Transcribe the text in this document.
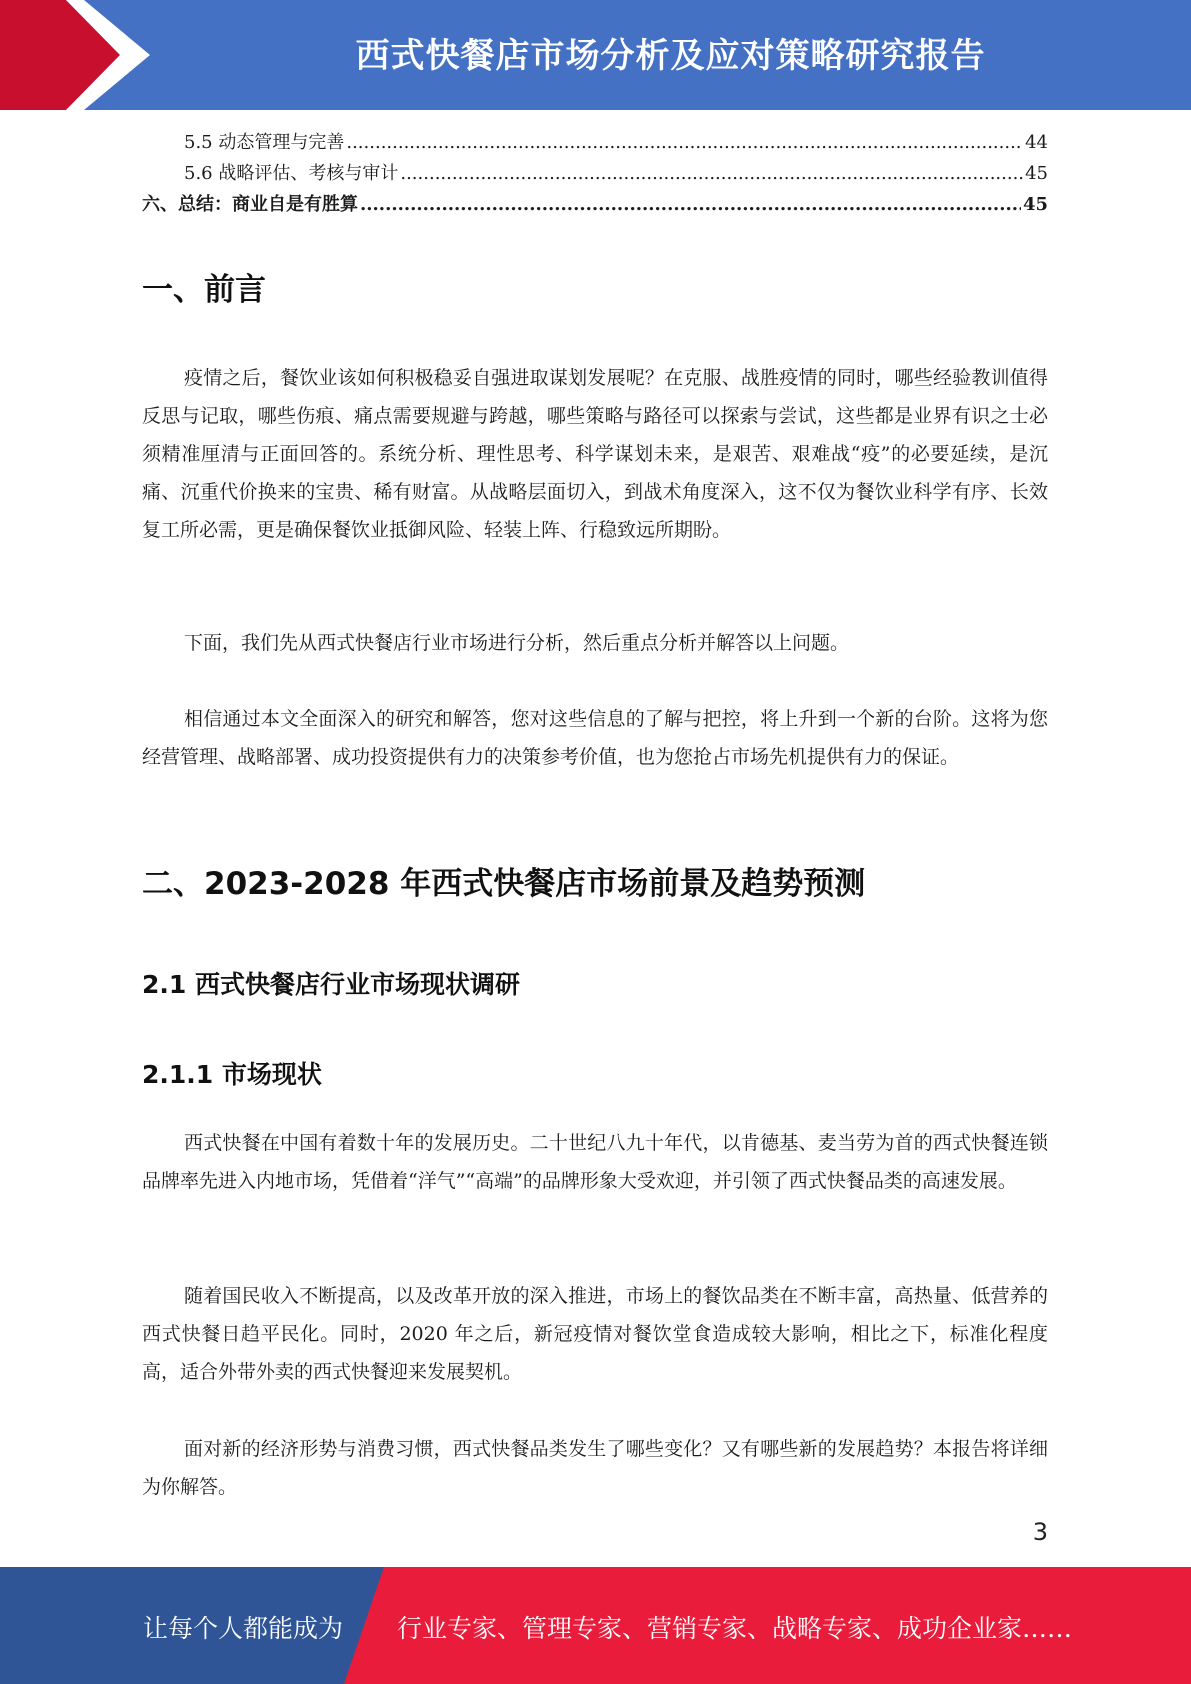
西式快餐店市场分析及应对策略研究报告
5.5 动态管理与完善 .....	44
5.6 战略评估、考核与审计 .....	45
六、总结：商业自是有胜算 .....	45
一、前言

疫情之后，餐饮业该如何积极稳妥自强进取谋划发展呢？在克服、战胜疫情的同时，哪些经验教训值得反思与记取，哪些伤痕、痛点需要规避与跨越，哪些策略与路径可以探索与尝试，这些都是业界有识之士必须精准厘清与正面回答的。系统分析、理性思考、科学谋划未来，是艰苦、艰难战“疫”的必要延续，是沉痛、沉重代价换来的宝贵、稀有财富。从战略层面切入，到战术角度深入，这不仅为餐饮业科学有序、长效复工所必需，更是确保餐饮业抵御风险、轻装上阵、行稳致远所期盼。

下面，我们先从西式快餐店行业市场进行分析，然后重点分析并解答以上问题。

相信通过本文全面深入的研究和解答，您对这些信息的了解与把控，将上升到一个新的台阶。这将为您经营管理、战略部署、成功投资提供有力的决策参考价值，也为您抢占市场先机提供有力的保证。

二、2023-2028 年西式快餐店市场前景及趋势预测
2.1 西式快餐店行业市场现状调研
2.1.1 市场现状

西式快餐在中国有着数十年的发展历史。二十世纪八九十年代，以肯德基、麦当劳为首的西式快餐连锁品牌率先进入内地市场，凭借着“洋气”“高端”的品牌形象大受欢迎，并引领了西式快餐品类的高速发展。

随着国民收入不断提高，以及改革开放的深入推进，市场上的餐饮品类在不断丰富，高热量、低营养的西式快餐日趋平民化。同时，2020 年之后，新冠疫情对餐饮堂食造成较大影响，相比之下，标准化程度高，适合外带外卖的西式快餐迎来发展契机。

面对新的经济形势与消费习惯，西式快餐品类发生了哪些变化？又有哪些新的发展趋势？本报告将详细为你解答。

3
让每个人都能成为 行业专家、管理专家、营销专家、战略专家、成功企业家……
